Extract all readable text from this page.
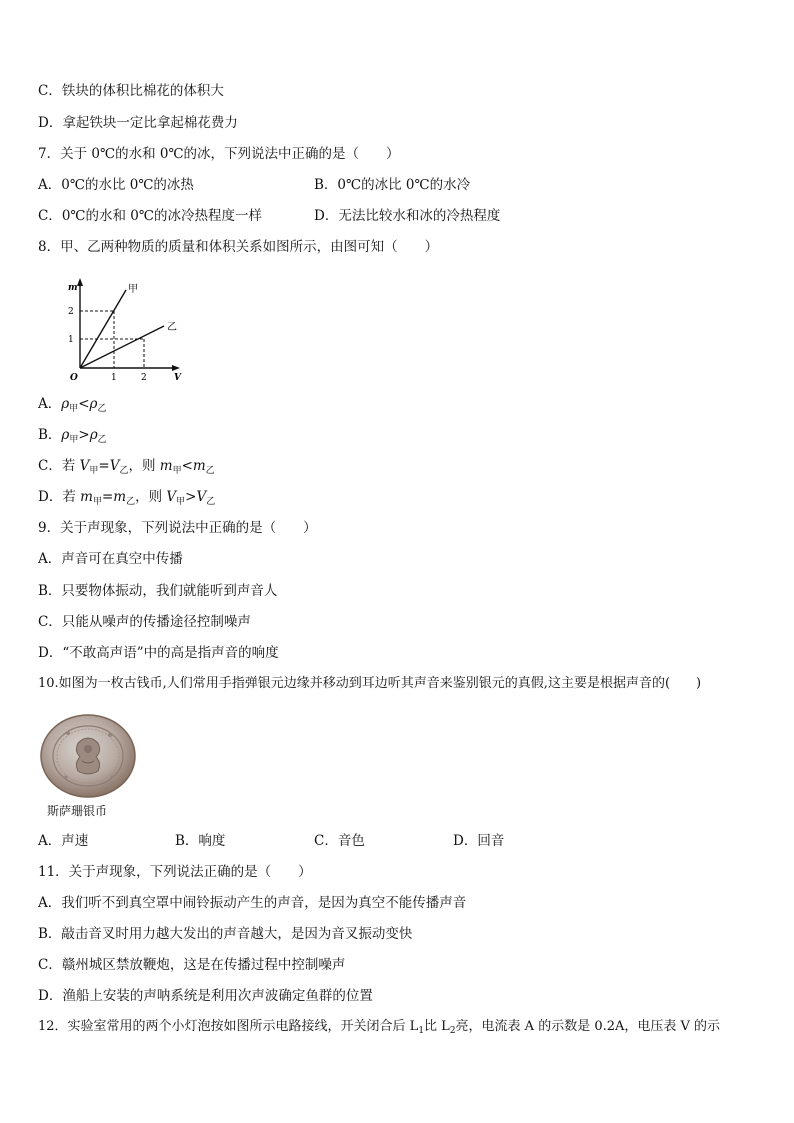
C．铁块的体积比棉花的体积大
D．拿起铁块一定比拿起棉花费力
7．关于 0℃的水和 0℃的冰，下列说法中正确的是（　　）
A．0℃的水比 0℃的冰热	B．0℃的冰比 0℃的水冷
C．0℃的水和 0℃的冰冷热程度一样	D．无法比较水和冰的冷热程度
8．甲、乙两种物质的质量和体积关系如图所示，由图可知（　　）
m
V
O
1
2
1	2
甲
乙
A．$\rho_甲<\rho_乙$
B．$\rho_甲>\rho_乙$
C．若 $V_甲=V_乙$，则 $m_甲<m_乙$
D．若 $m_甲=m_乙$，则 $V_甲>V_乙$
9．关于声现象，下列说法中正确的是（　　）
A．声音可在真空中传播
B．只要物体振动，我们就能听到声音人
C．只能从噪声的传播途径控制噪声
D．“不敢高声语”中的高是指声音的响度
10.如图为一枚古钱币,人们常用手指弹银元边缘并移动到耳边听其声音来鉴别银元的真假,这主要是根据声音的(　　)
斯萨珊银币
A．声速	B．响度	C．音色	D．回音
11．关于声现象，下列说法正确的是（　　）
A．我们听不到真空罩中闹铃振动产生的声音，是因为真空不能传播声音
B．敲击音叉时用力越大发出的声音越大，是因为音叉振动变快
C．赣州城区禁放鞭炮，这是在传播过程中控制噪声
D．渔船上安装的声呐系统是利用次声波确定鱼群的位置
12．实验室常用的两个小灯泡按如图所示电路接线，开关闭合后 $L_1$比 $L_2$亮，电流表 A 的示数是 0.2A，电压表 V 的示
